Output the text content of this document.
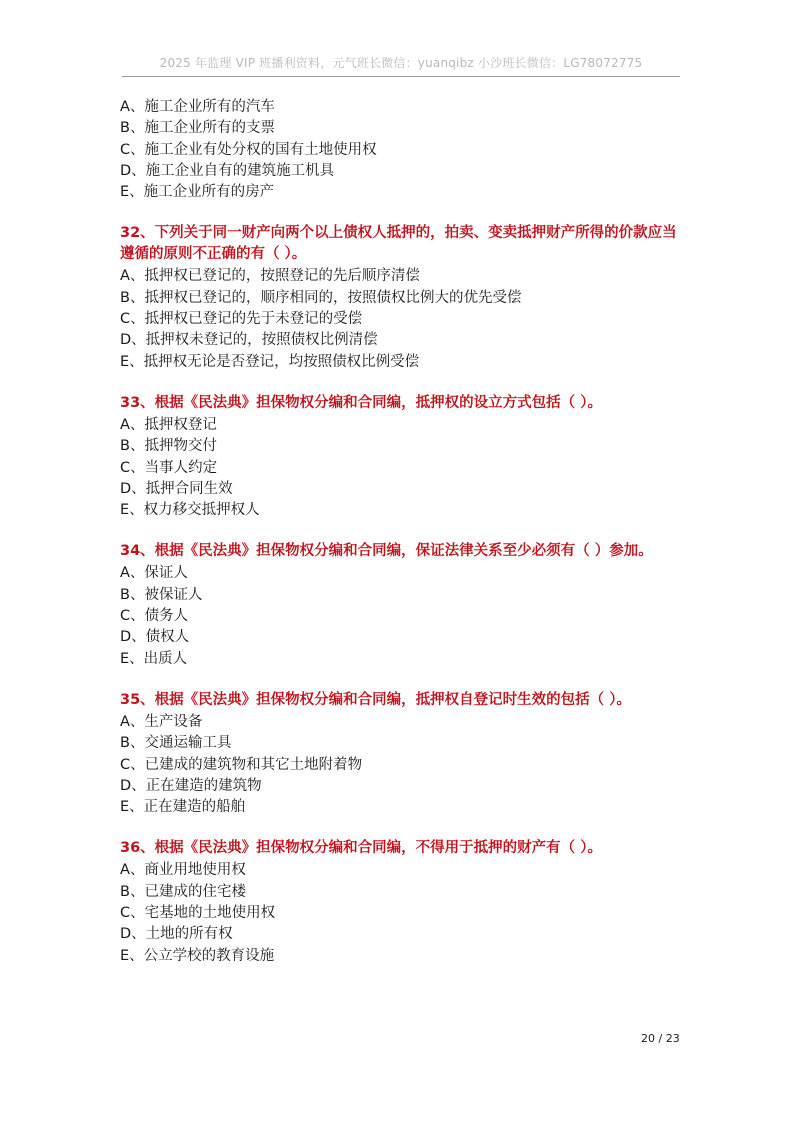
2025 年监理 VIP 班播利资料，元气班长微信：yuanqibz 小沙班长微信：LG78072775
A、施工企业所有的汽车
B、施工企业所有的支票
C、施工企业有处分权的国有土地使用权
D、施工企业自有的建筑施工机具
E、施工企业所有的房产
32、下列关于同一财产向两个以上债权人抵押的，拍卖、变卖抵押财产所得的价款应当遵循的原则不正确的有（ ）。
A、抵押权已登记的，按照登记的先后顺序清偿
B、抵押权已登记的，顺序相同的，按照债权比例大的优先受偿
C、抵押权已登记的先于未登记的受偿
D、抵押权未登记的，按照债权比例清偿
E、抵押权无论是否登记，均按照债权比例受偿
33、根据《民法典》担保物权分编和合同编，抵押权的设立方式包括（ ）。
A、抵押权登记
B、抵押物交付
C、当事人约定
D、抵押合同生效
E、权力移交抵押权人
34、根据《民法典》担保物权分编和合同编，保证法律关系至少必须有（ ）参加。
A、保证人
B、被保证人
C、债务人
D、债权人
E、出质人
35、根据《民法典》担保物权分编和合同编，抵押权自登记时生效的包括（ ）。
A、生产设备
B、交通运输工具
C、已建成的建筑物和其它土地附着物
D、正在建造的建筑物
E、正在建造的船舶
36、根据《民法典》担保物权分编和合同编，不得用于抵押的财产有（ ）。
A、商业用地使用权
B、已建成的住宅楼
C、宅基地的土地使用权
D、土地的所有权
E、公立学校的教育设施
20 / 23
